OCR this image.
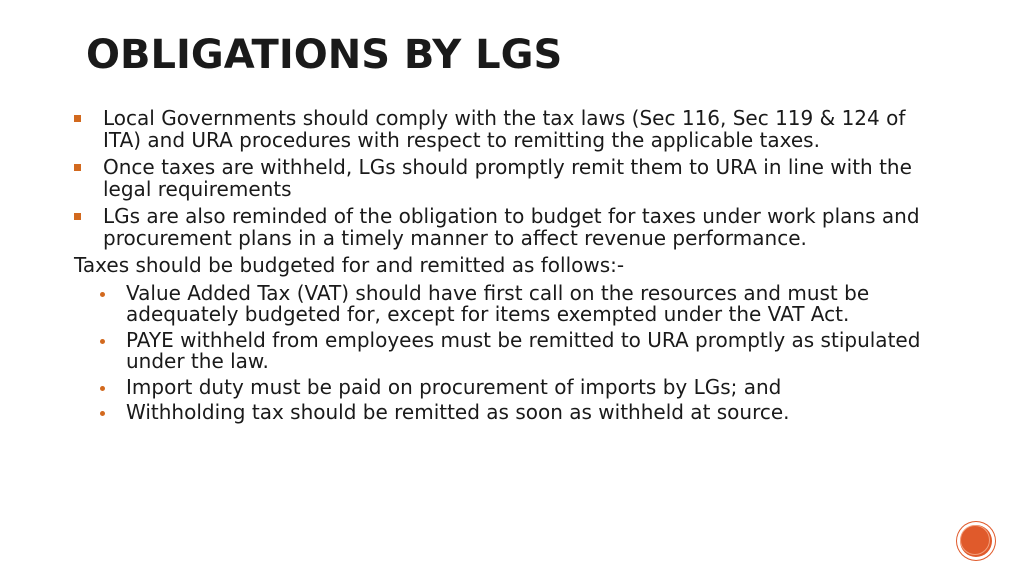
OBLIGATIONS BY LGS

Local Governments should comply with the tax laws (Sec 116, Sec 119 & 124 of ITA) and URA procedures with respect to remitting the applicable taxes.

Once taxes are withheld, LGs should promptly remit them to URA in line with the legal requirements

LGs are also reminded of the obligation to budget for taxes under work plans and procurement plans in a timely manner to affect revenue performance.

Taxes should be budgeted for and remitted as follows:-

Value Added Tax (VAT) should have first call on the resources and must be adequately budgeted for, except for items exempted under the VAT Act.

PAYE withheld from employees must be remitted to URA promptly as stipulated under the law.

Import duty must be paid on procurement of imports by LGs; and

Withholding tax should be remitted as soon as withheld at source.
